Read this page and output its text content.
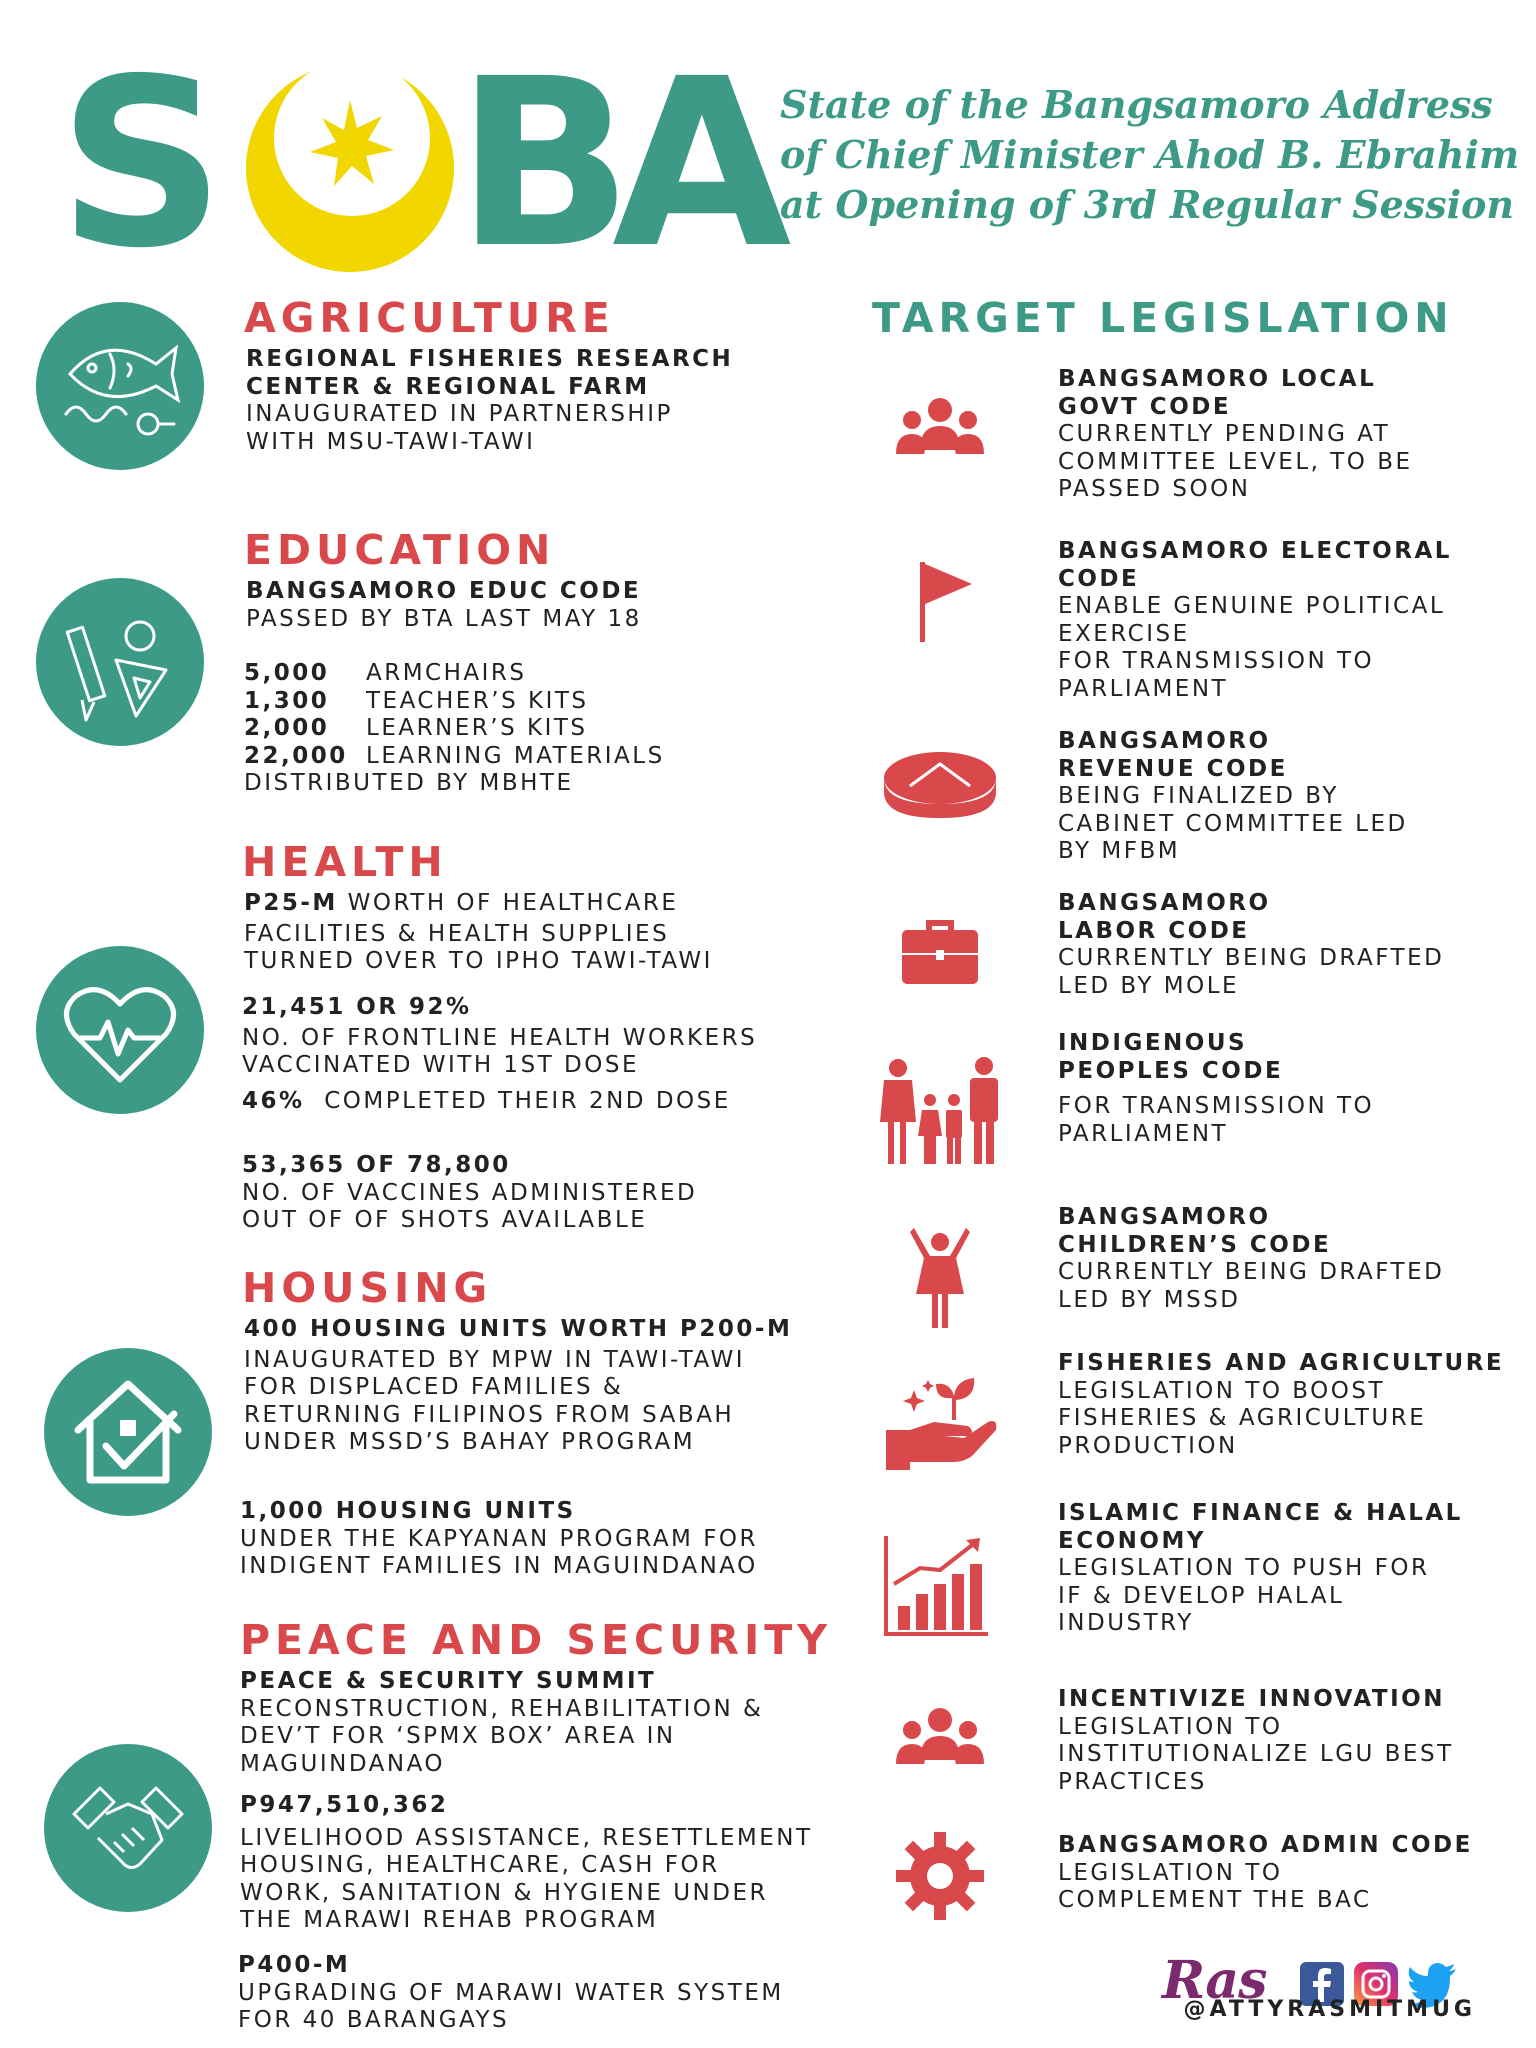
S B
A
State of the Bangsamoro Address
of Chief Minister Ahod B. Ebrahim
at Opening of 3rd Regular Session
AGRICULTURE
REGIONAL FISHERIES RESEARCH
CENTER & REGIONAL FARM
INAUGURATED IN PARTNERSHIP
WITH MSU-TAWI-TAWI
EDUCATION
BANGSAMORO EDUC CODE
PASSED BY BTA LAST MAY 18
5,000 ARMCHAIRS
1,300 TEACHER’S KITS
2,000 LEARNER’S KITS
22,000 LEARNING MATERIALS
DISTRIBUTED BY MBHTE
HEALTH
P25-M WORTH OF HEALTHCARE
FACILITIES & HEALTH SUPPLIES
TURNED OVER TO IPHO TAWI-TAWI
21,451 OR 92%
NO. OF FRONTLINE HEALTH WORKERS
VACCINATED WITH 1ST DOSE
46% COMPLETED THEIR 2ND DOSE
53,365 OF 78,800
NO. OF VACCINES ADMINISTERED
OUT OF OF SHOTS AVAILABLE
HOUSING
400 HOUSING UNITS WORTH P200-M
INAUGURATED BY MPW IN TAWI-TAWI
FOR DISPLACED FAMILIES &
RETURNING FILIPINOS FROM SABAH
UNDER MSSD’S BAHAY PROGRAM
1,000 HOUSING UNITS
UNDER THE KAPYANAN PROGRAM FOR
INDIGENT FAMILIES IN MAGUINDANAO
PEACE AND SECURITY
PEACE & SECURITY SUMMIT
RECONSTRUCTION, REHABILITATION &
DEV’T FOR ‘SPMX BOX’ AREA IN
MAGUINDANAO
P947,510,362
LIVELIHOOD ASSISTANCE, RESETTLEMENT
HOUSING, HEALTHCARE, CASH FOR
WORK, SANITATION & HYGIENE UNDER
THE MARAWI REHAB PROGRAM
P400-M
UPGRADING OF MARAWI WATER SYSTEM
FOR 40 BARANGAYS
TARGET LEGISLATION
BANGSAMORO LOCAL
GOVT CODE
CURRENTLY PENDING AT
COMMITTEE LEVEL, TO BE
PASSED SOON
BANGSAMORO ELECTORAL
CODE
ENABLE GENUINE POLITICAL
EXERCISE
FOR TRANSMISSION TO
PARLIAMENT
BANGSAMORO
REVENUE CODE
BEING FINALIZED BY
CABINET COMMITTEE LED
BY MFBM
BANGSAMORO
LABOR CODE
CURRENTLY BEING DRAFTED
LED BY MOLE
INDIGENOUS
PEOPLES CODE
FOR TRANSMISSION TO
PARLIAMENT
BANGSAMORO
CHILDREN’S CODE
CURRENTLY BEING DRAFTED
LED BY MSSD
FISHERIES AND AGRICULTURE
LEGISLATION TO BOOST
FISHERIES & AGRICULTURE
PRODUCTION
ISLAMIC FINANCE & HALAL
ECONOMY
LEGISLATION TO PUSH FOR
IF & DEVELOP HALAL
INDUSTRY
INCENTIVIZE INNOVATION
LEGISLATION TO
INSTITUTIONALIZE LGU BEST
PRACTICES
BANGSAMORO ADMIN CODE
LEGISLATION TO
COMPLEMENT THE BAC
Ras
@ATTYRASMITMUG
